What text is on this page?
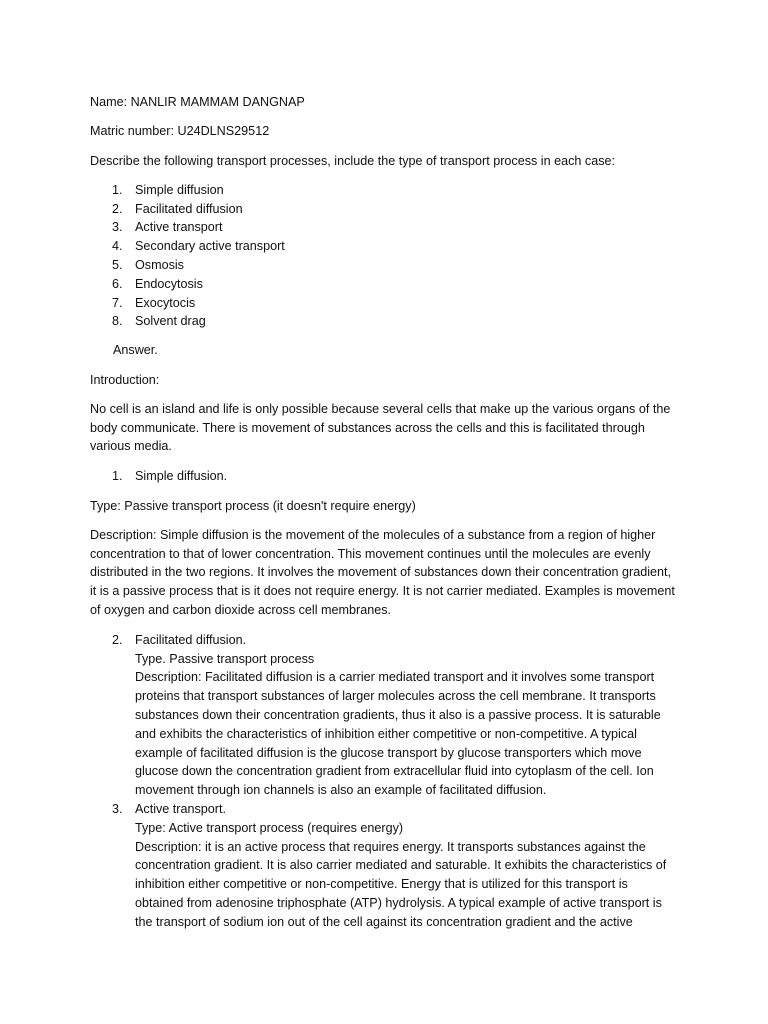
Name: NANLIR MAMMAM DANGNAP

Matric number: U24DLNS29512

Describe the following transport processes, include the type of transport process in each case:

1. Simple diffusion
2. Facilitated diffusion
3. Active transport
4. Secondary active transport
5. Osmosis
6. Endocytosis
7. Exocytocis
8. Solvent drag

Answer.

Introduction:

No cell is an island and life is only possible because several cells that make up the various organs of the body communicate. There is movement of substances across the cells and this is facilitated through various media.

1. Simple diffusion.

Type: Passive transport process (it doesn't require energy)

Description: Simple diffusion is the movement of the molecules of a substance from a region of higher concentration to that of lower concentration. This movement continues until the molecules are evenly distributed in the two regions. It involves the movement of substances down their concentration gradient, it is a passive process that is it does not require energy. It is not carrier mediated. Examples is movement of oxygen and carbon dioxide across cell membranes.

2. Facilitated diffusion.

Type. Passive transport process

Description: Facilitated diffusion is a carrier mediated transport and it involves some transport proteins that transport substances of larger molecules across the cell membrane. It transports substances down their concentration gradients, thus it also is a passive process. It is saturable and exhibits the characteristics of inhibition either competitive or non-competitive. A typical example of facilitated diffusion is the glucose transport by glucose transporters which move glucose down the concentration gradient from extracellular fluid into cytoplasm of the cell. Ion movement through ion channels is also an example of facilitated diffusion.

3. Active transport.

Type: Active transport process (requires energy)

Description: it is an active process that requires energy. It transports substances against the concentration gradient. It is also carrier mediated and saturable. It exhibits the characteristics of inhibition either competitive or non-competitive. Energy that is utilized for this transport is obtained from adenosine triphosphate (ATP) hydrolysis. A typical example of active transport is the transport of sodium ion out of the cell against its concentration gradient and the active
